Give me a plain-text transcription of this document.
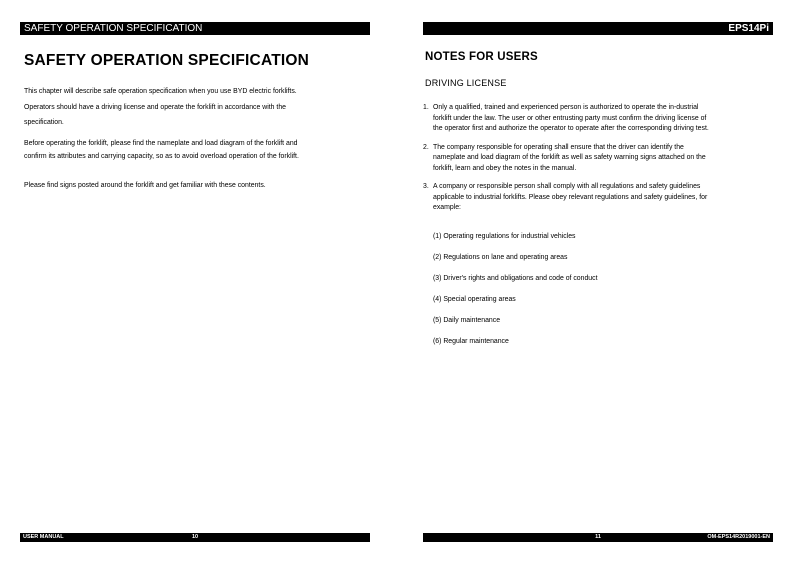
SAFETY OPERATION SPECIFICATION
SAFETY OPERATION SPECIFICATION

This chapter will describe safe operation specification when you use BYD electric forklifts.

Operators should have a driving license and operate the forklift in accordance with the

specification.

Before operating the forklift, please find the nameplate and load diagram of the forklift and

confirm its attributes and carrying capacity, so as to avoid overload operation of the forklift.

Please find signs posted around the forklift and get familiar with these contents.

USER MANUAL	10
EPS14Pi
NOTES FOR USERS
DRIVING LICENSE
1. Only a qualified, trained and experienced person is authorized to operate the in-dustrial
forklift under the law. The user or other entrusting party must confirm the driving license of
the operator first and authorize the operator to operate after the corresponding driving test.
2. The company responsible for operating shall ensure that the driver can identify the
nameplate and load diagram of the forklift as well as safety warning signs attached on the
forklift, learn and obey the notes in the manual.
3. A company or responsible person shall comply with all regulations and safety guidelines
applicable to industrial forklifts. Please obey relevant regulations and safety guidelines, for
example:
(1) Operating regulations for industrial vehicles
(2) Regulations on lane and operating areas
(3) Driver's rights and obligations and code of conduct
(4) Special operating areas
(5) Daily maintenance
(6) Regular maintenance
11	OM-EPS14R2019001-EN
